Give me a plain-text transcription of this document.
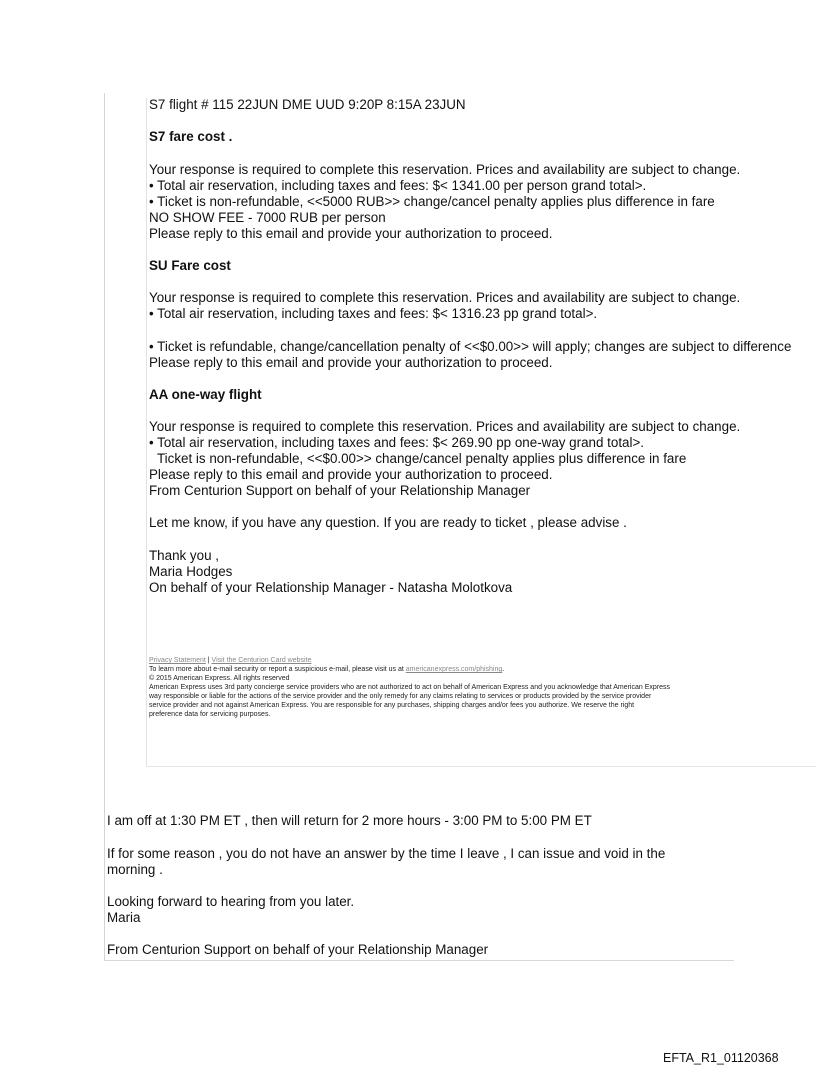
S7 flight # 115 22JUN DME UUD 9:20P 8:15A 23JUN
S7 fare cost .
Your response is required to complete this reservation. Prices and availability are subject to change.
• Total air reservation, including taxes and fees: $< 1341.00 per person grand total>.
• Ticket is non-refundable, <<5000 RUB>> change/cancel penalty applies plus difference in fare
NO SHOW FEE - 7000 RUB per person
Please reply to this email and provide your authorization to proceed.
SU Fare cost
Your response is required to complete this reservation. Prices and availability are subject to change.
• Total air reservation, including taxes and fees: $< 1316.23 pp grand total>.
• Ticket is refundable, change/cancellation penalty of <<$0.00>> will apply; changes are subject to difference
Please reply to this email and provide your authorization to proceed.
AA one-way flight
Your response is required to complete this reservation. Prices and availability are subject to change.
• Total air reservation, including taxes and fees: $< 269.90 pp one-way grand total>.
Ticket is non-refundable, <<$0.00>> change/cancel penalty applies plus difference in fare
Please reply to this email and provide your authorization to proceed.
From Centurion Support on behalf of your Relationship Manager
Let me know, if you have any question. If you are ready to ticket , please advise .
Thank you ,
Maria Hodges
On behalf of your Relationship Manager - Natasha Molotkova
Privacy Statement | Visit the Centurion Card website
To learn more about e-mail security or report a suspicious e-mail, please visit us at americanexpress.com/phishing.
© 2015 American Express. All rights reserved
American Express uses 3rd party concierge service providers who are not authorized to act on behalf of American Express and you acknowledge that American Express
way responsible or liable for the actions of the service provider and the only remedy for any claims relating to services or products provided by the service provider
service provider and not against American Express. You are responsible for any purchases, shipping charges and/or fees you authorize. We reserve the right
preference data for servicing purposes.
I am off at 1:30 PM ET , then will return for 2 more hours - 3:00 PM to 5:00 PM ET
If for some reason , you do not have an answer by the time I leave , I can issue and void in the
morning .
Looking forward to hearing from you later.
Maria
From Centurion Support on behalf of your Relationship Manager
EFTA_R1_01120368
